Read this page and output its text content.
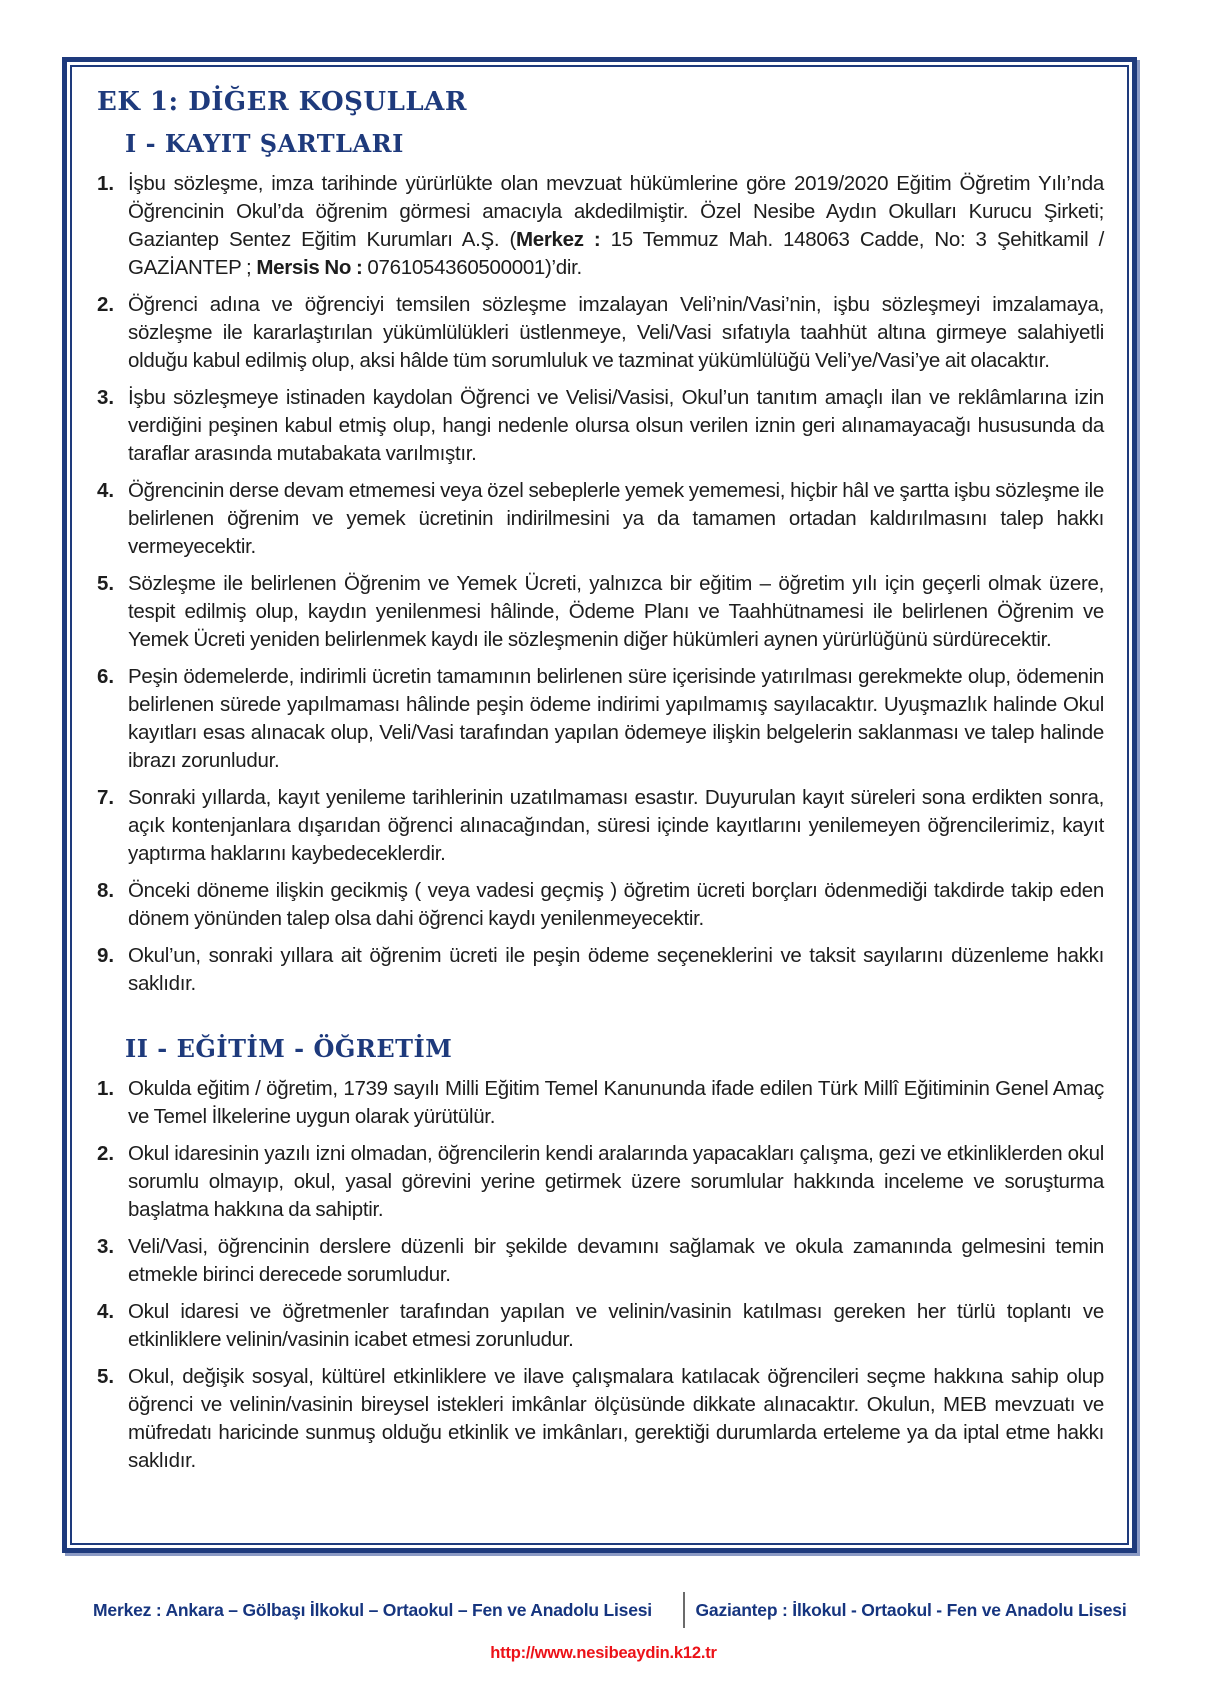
EK 1: DİĞER KOŞULLAR
I - KAYIT ŞARTLARI
1. İşbu sözleşme, imza tarihinde yürürlükte olan mevzuat hükümlerine göre 2019/2020 Eğitim Öğretim Yılı’nda Öğrencinin Okul’da öğrenim görmesi amacıyla akdedilmiştir. Özel Nesibe Aydın Okulları Kurucu Şirketi; Gaziantep Sentez Eğitim Kurumları A.Ş. (Merkez : 15 Temmuz Mah. 148063 Cadde, No: 3 Şehitkamil / GAZİANTEP ; Mersis No : 0761054360500001)’dir.
2. Öğrenci adına ve öğrenciyi temsilen sözleşme imzalayan Veli’nin/Vasi’nin, işbu sözleşmeyi imzalamaya, sözleşme ile kararlaştırılan yükümlülükleri üstlenmeye, Veli/Vasi sıfatıyla taahhüt altına girmeye salahiyetli olduğu kabul edilmiş olup, aksi hâlde tüm sorumluluk ve tazminat yükümlülüğü Veli’ye/Vasi’ye ait olacaktır.
3. İşbu sözleşmeye istinaden kaydolan Öğrenci ve Velisi/Vasisi, Okul’un tanıtım amaçlı ilan ve reklâmlarına izin verdiğini peşinen kabul etmiş olup, hangi nedenle olursa olsun verilen iznin geri alınamayacağı hususunda da taraflar arasında mutabakata varılmıştır.
4. Öğrencinin derse devam etmemesi veya özel sebeplerle yemek yememesi, hiçbir hâl ve şartta işbu sözleşme ile belirlenen öğrenim ve yemek ücretinin indirilmesini ya da tamamen ortadan kaldırılmasını talep hakkı vermeyecektir.
5. Sözleşme ile belirlenen Öğrenim ve Yemek Ücreti, yalnızca bir eğitim – öğretim yılı için geçerli olmak üzere, tespit edilmiş olup, kaydın yenilenmesi hâlinde, Ödeme Planı ve Taahhütnamesi ile belirlenen Öğrenim ve Yemek Ücreti yeniden belirlenmek kaydı ile sözleşmenin diğer hükümleri aynen yürürlüğünü sürdürecektir.
6. Peşin ödemelerde, indirimli ücretin tamamının belirlenen süre içerisinde yatırılması gerekmekte olup, ödemenin belirlenen sürede yapılmaması hâlinde peşin ödeme indirimi yapılmamış sayılacaktır. Uyuşmazlık halinde Okul kayıtları esas alınacak olup, Veli/Vasi tarafından yapılan ödemeye ilişkin belgelerin saklanması ve talep halinde ibrazı zorunludur.
7. Sonraki yıllarda, kayıt yenileme tarihlerinin uzatılmaması esastır. Duyurulan kayıt süreleri sona erdikten sonra, açık kontenjanlara dışarıdan öğrenci alınacağından, süresi içinde kayıtlarını yenilemeyen öğrencilerimiz, kayıt yaptırma haklarını kaybedeceklerdir.
8. Önceki döneme ilişkin gecikmiş ( veya vadesi geçmiş ) öğretim ücreti borçları ödenmediği takdirde takip eden dönem yönünden talep olsa dahi öğrenci kaydı yenilenmeyecektir.
9. Okul’un, sonraki yıllara ait öğrenim ücreti ile peşin ödeme seçeneklerini ve taksit sayılarını düzenleme hakkı saklıdır.
II - EĞİTİM - ÖĞRETİM
1. Okulda eğitim / öğretim, 1739 sayılı Milli Eğitim Temel Kanununda ifade edilen Türk Millî Eğitiminin Genel Amaç ve Temel İlkelerine uygun olarak yürütülür.
2. Okul idaresinin yazılı izni olmadan, öğrencilerin kendi aralarında yapacakları çalışma, gezi ve etkinliklerden okul sorumlu olmayıp, okul, yasal görevini yerine getirmek üzere sorumlular hakkında inceleme ve soruşturma başlatma hakkına da sahiptir.
3. Veli/Vasi, öğrencinin derslere düzenli bir şekilde devamını sağlamak ve okula zamanında gelmesini temin etmekle birinci derecede sorumludur.
4. Okul idaresi ve öğretmenler tarafından yapılan ve velinin/vasinin katılması gereken her türlü toplantı ve etkinliklere velinin/vasinin icabet etmesi zorunludur.
5. Okul, değişik sosyal, kültürel etkinliklere ve ilave çalışmalara katılacak öğrencileri seçme hakkına sahip olup öğrenci ve velinin/vasinin bireysel istekleri imkânlar ölçüsünde dikkate alınacaktır. Okulun, MEB mevzuatı ve müfredatı haricinde sunmuş olduğu etkinlik ve imkânları, gerektiği durumlarda erteleme ya da iptal etme hakkı saklıdır.
Merkez : Ankara – Gölbaşı İlkokul – Ortaokul – Fen ve Anadolu Lisesi	Gaziantep : İlkokul - Ortaokul - Fen ve Anadolu Lisesi
http://www.nesibeaydin.k12.tr
